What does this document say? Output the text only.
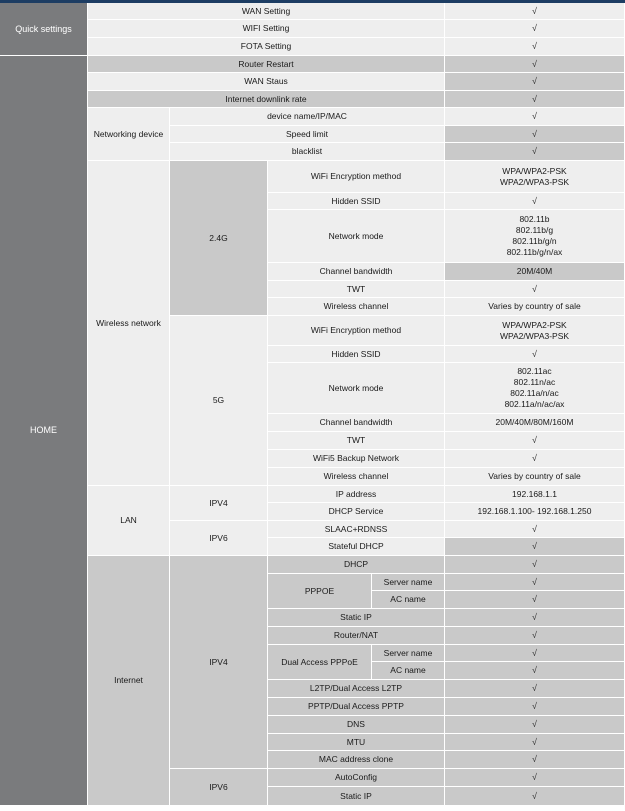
Quick settings
WAN Setting
WIFI Setting
FOTA Setting
HOME
Router Restart
WAN Staus
Internet downlink rate
Networking device
device name/IP/MAC
Speed limit
blacklist
Wireless network
2.4G
WiFi Encryption method
Hidden SSID
Network mode
Channel bandwidth
TWT
Wireless channel
5G
WiFi Encryption method
Hidden SSID
Network mode
Channel bandwidth
TWT
WiFi5 Backup Network
Wireless channel
LAN
IPV4
IP address
DHCP Service
IPV6
SLAAC+RDNSS
Stateful DHCP
Internet
IPV4
DHCP
PPPOE
Server name
AC name
Static IP
Router/NAT
Dual Access PPPoE
Server name
AC name
L2TP/Dual Access L2TP
PPTP/Dual Access PPTP
DNS
MTU
MAC address clone
IPV6
AutoConfig
Static IP
√
√
√
√
√
√
√
√
√
WPA/WPA2-PSK
WPA2/WPA3-PSK
√
802.11b
802.11b/g
802.11b/g/n
802.11b/g/n/ax
20M/40M
√
Varies by country of sale
WPA/WPA2-PSK
WPA2/WPA3-PSK
√
802.11ac
802.11n/ac
802.11a/n/ac
802.11a/n/ac/ax
20M/40M/80M/160M
√
√
Varies by country of sale
192.168.1.1
192.168.1.100- 192.168.1.250
√
√
√
√
√
√
√
√
√
√
√
√
√
√
√
√
